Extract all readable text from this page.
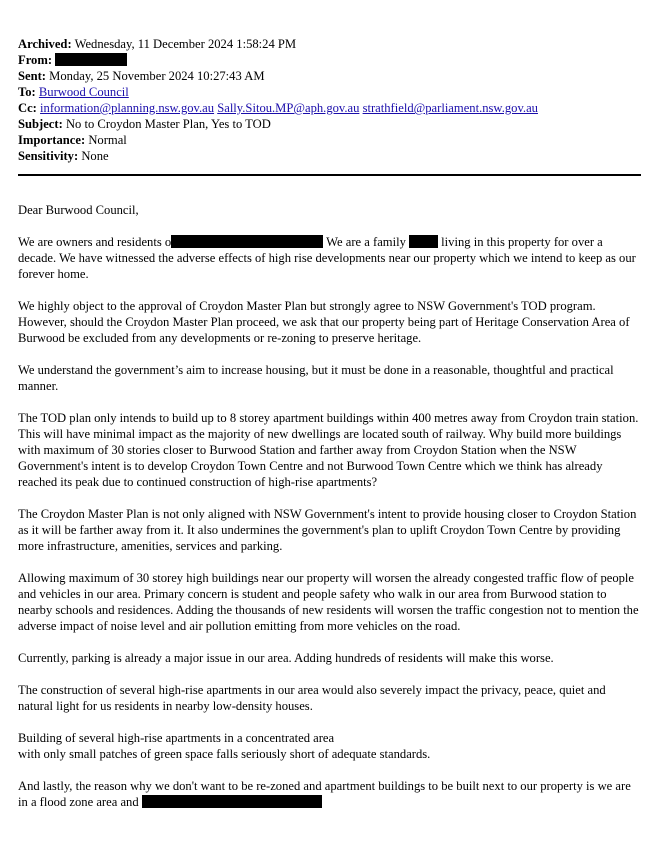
Archived: Wednesday, 11 December 2024 1:58:24 PM
From:
Sent: Monday, 25 November 2024 10:27:43 AM
To: Burwood Council
Cc: information@planning.nsw.gov.au Sally.Sitou.MP@aph.gov.au strathfield@parliament.nsw.gov.au
Subject: No to Croydon Master Plan, Yes to TOD
Importance: Normal
Sensitivity: None

Dear Burwood Council,

We are owners and residents o	We are a family  living in this property for over a decade. We have witnessed the adverse effects of high rise developments near our property which we intend to keep as our forever home.

We highly object to the approval of Croydon Master Plan but strongly agree to NSW Government's TOD program. However, should the Croydon Master Plan proceed, we ask that our property being part of Heritage Conservation Area of Burwood be excluded from any developments or re-zoning to preserve heritage.

We understand the government’s aim to increase housing, but it must be done in a reasonable, thoughtful and practical manner.

The TOD plan only intends to build up to 8 storey apartment buildings within 400 metres away from Croydon train station. This will have minimal impact as the majority of new dwellings are located south of railway. Why build more buildings with maximum of 30 stories closer to Burwood Station and farther away from Croydon Station when the NSW Government's intent is to develop Croydon Town Centre and not Burwood Town Centre which we think has already reached its peak due to continued construction of high-rise apartments?

The Croydon Master Plan is not only aligned with NSW Government's intent to provide housing closer to Croydon Station as it will be farther away from it. It also undermines the government's plan to uplift Croydon Town Centre by providing more infrastructure, amenities, services and parking.

Allowing maximum of 30 storey high buildings near our property will worsen the already congested traffic flow of people and vehicles in our area. Primary concern is student and people safety who walk in our area from Burwood station to nearby schools and residences. Adding the thousands of new residents will worsen the traffic congestion not to mention the adverse impact of noise level and air pollution emitting from more vehicles on the road.

Currently, parking is already a major issue in our area. Adding hundreds of residents will make this worse.

The construction of several high-rise apartments in our area would also severely impact the privacy, peace, quiet and natural light for us residents in nearby low-density houses.

Building of several high-rise apartments in a concentrated area
with only small patches of green space falls seriously short of adequate standards.

And lastly, the reason why we don't want to be re-zoned and apartment buildings to be built next to our property is we are in a flood zone area and
